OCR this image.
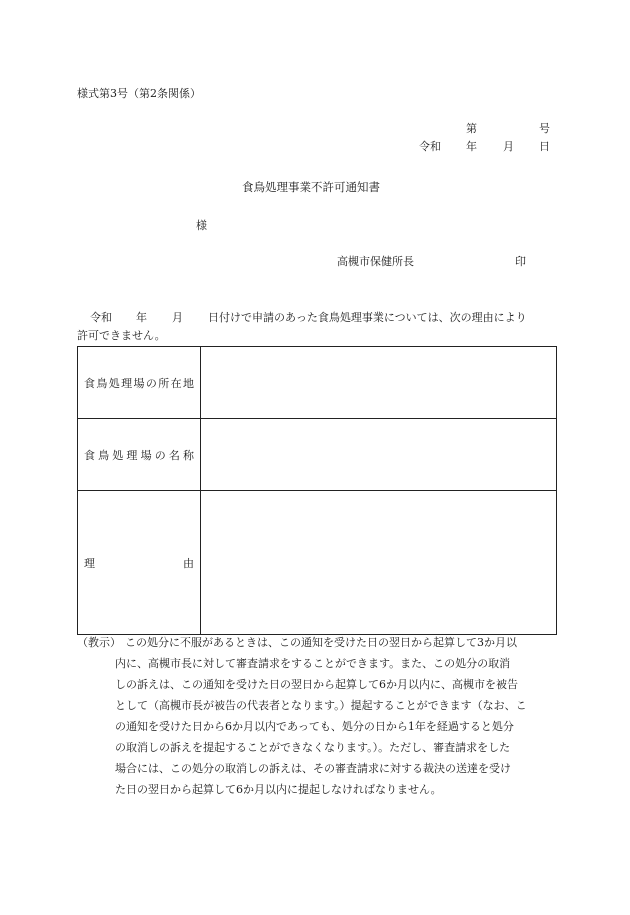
様式第3号（第2条関係）
第	号
令和 年 月 日
食鳥処理事業不許可通知書
様
高槻市保健所長	印
令和 年 月 日付けで申請のあった食鳥処理事業については、次の理由により
許可できません。
食鳥処理場の所在地	

食鳥処理場の名称	

理由	

（教示） この処分に不服があるときは、この通知を受けた日の翌日から起算して3か月以
内に、高槻市長に対して審査請求をすることができます。また、この処分の取消
しの訴えは、この通知を受けた日の翌日から起算して6か月以内に、高槻市を被告
として（高槻市長が被告の代表者となります。）提起することができます（なお、こ
の通知を受けた日から6か月以内であっても、処分の日から1年を経過すると処分
の取消しの訴えを提起することができなくなります。）。ただし、審査請求をした
場合には、この処分の取消しの訴えは、その審査請求に対する裁決の送達を受け
た日の翌日から起算して6か月以内に提起しなければなりません。
